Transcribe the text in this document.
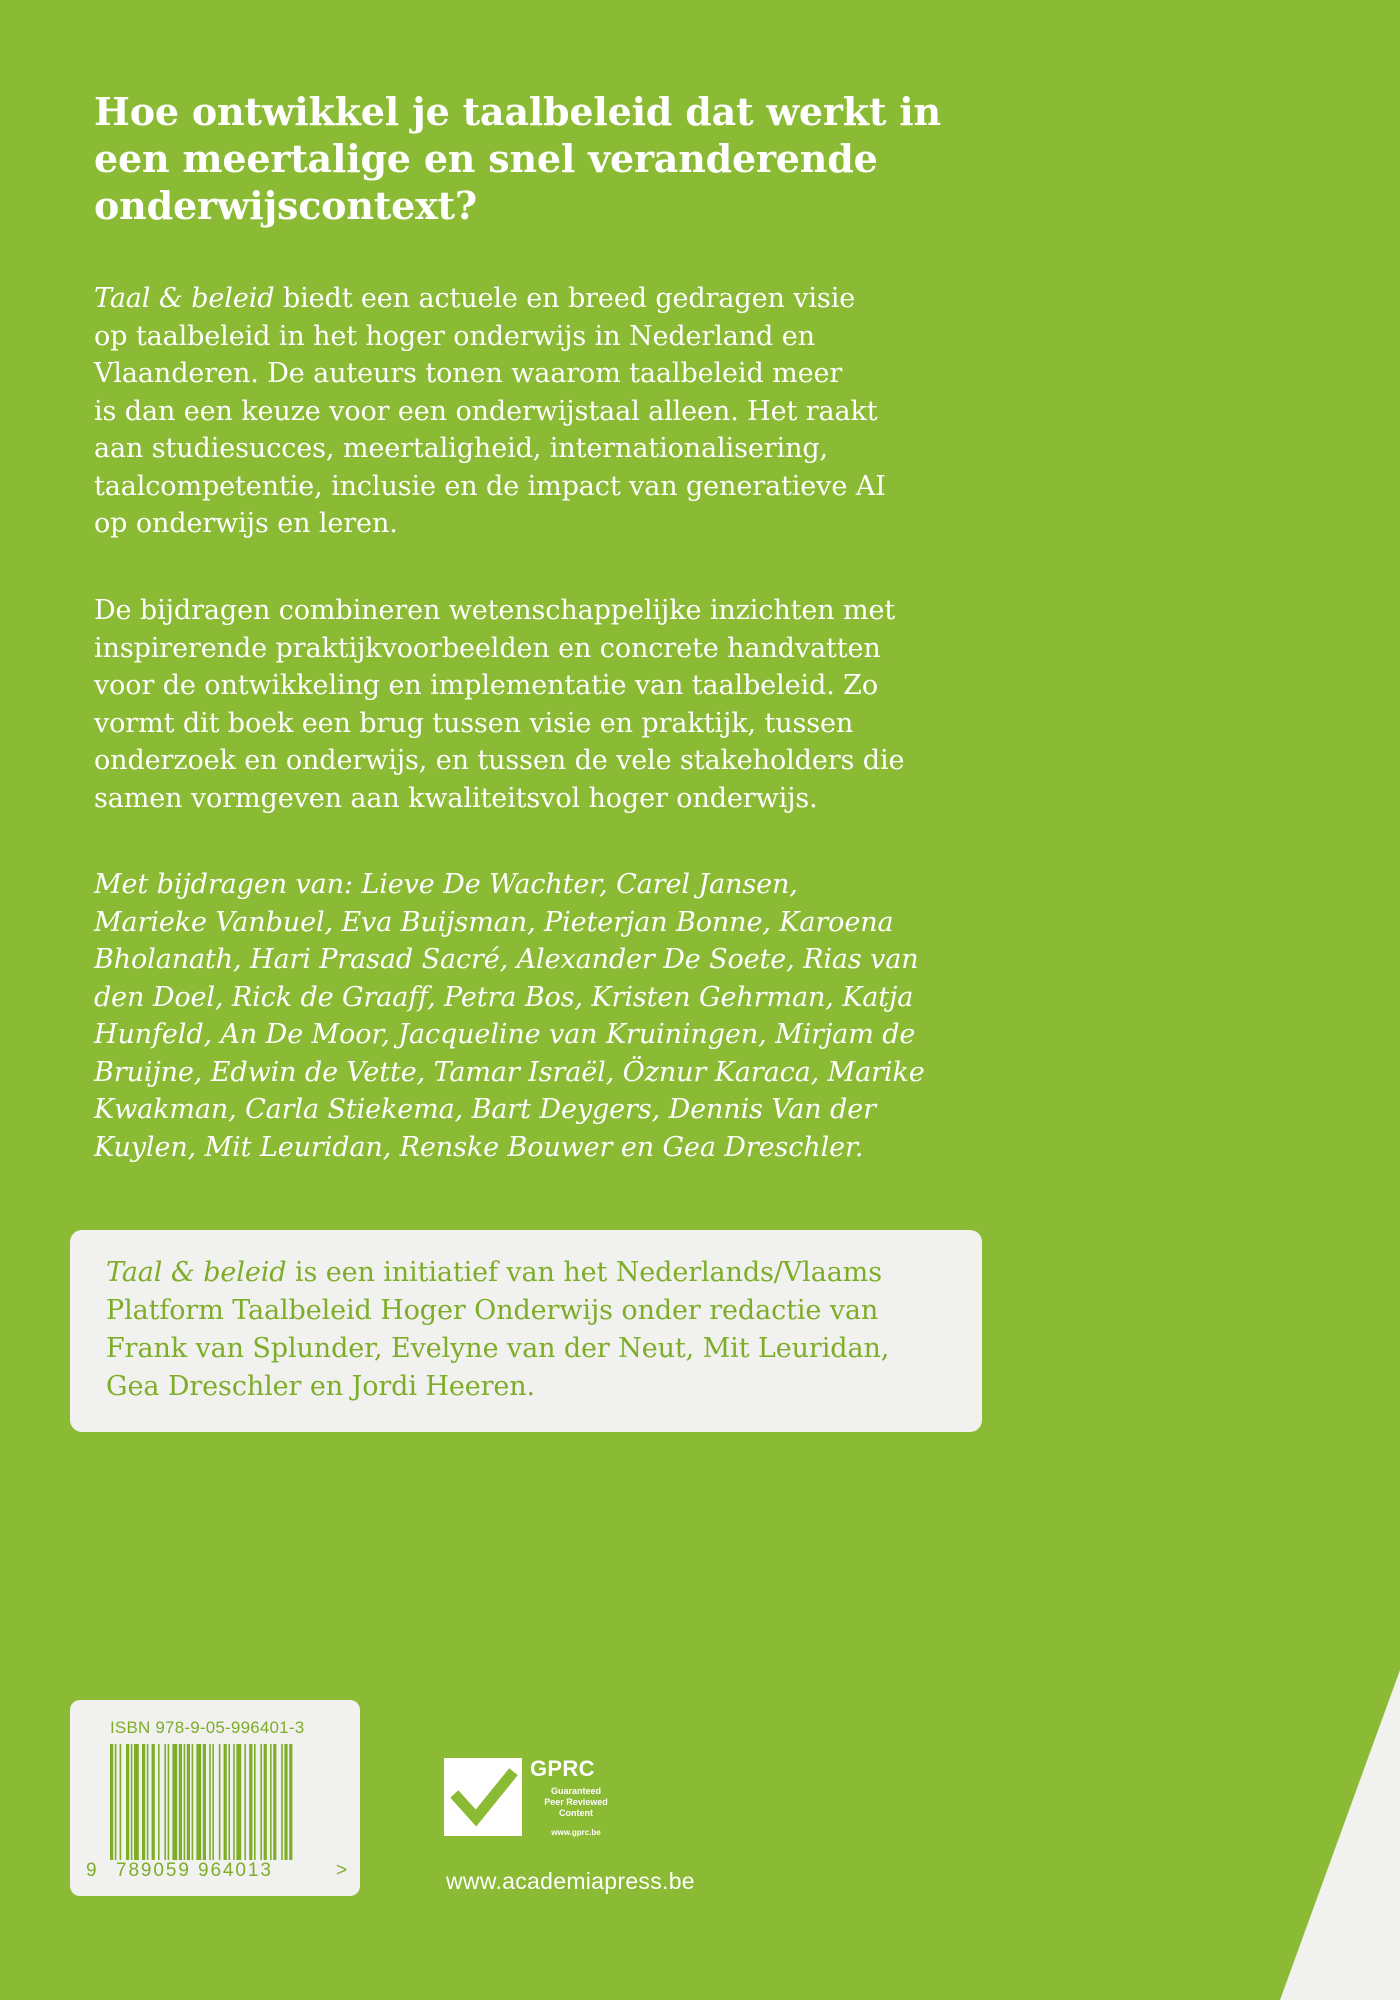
Hoe ontwikkel je taalbeleid dat werkt in
een meertalige en snel veranderende
onderwijscontext?

Taal & beleid biedt een actuele en breed gedragen visie
op taalbeleid in het hoger onderwijs in Nederland en
Vlaanderen. De auteurs tonen waarom taalbeleid meer
is dan een keuze voor een onderwijstaal alleen. Het raakt
aan studiesucces, meertaligheid, internationalisering,
taalcompetentie, inclusie en de impact van generatieve AI
op onderwijs en leren.

De bijdragen combineren wetenschappelijke inzichten met
inspirerende praktijkvoorbeelden en concrete handvatten
voor de ontwikkeling en implementatie van taalbeleid. Zo
vormt dit boek een brug tussen visie en praktijk, tussen
onderzoek en onderwijs, en tussen de vele stakeholders die
samen vormgeven aan kwaliteitsvol hoger onderwijs.

Met bijdragen van: Lieve De Wachter, Carel Jansen,
Marieke Vanbuel, Eva Buijsman, Pieterjan Bonne, Karoena
Bholanath, Hari Prasad Sacré, Alexander De Soete, Rias van
den Doel, Rick de Graaff, Petra Bos, Kristen Gehrman, Katja
Hunfeld, An De Moor, Jacqueline van Kruiningen, Mirjam de
Bruijne, Edwin de Vette, Tamar Israël, Öznur Karaca, Marike
Kwakman, Carla Stiekema, Bart Deygers, Dennis Van der
Kuylen, Mit Leuridan, Renske Bouwer en Gea Dreschler.

Taal & beleid is een initiatief van het Nederlands/Vlaams
Platform Taalbeleid Hoger Onderwijs onder redactie van
Frank van Splunder, Evelyne van der Neut, Mit Leuridan,
Gea Dreschler en Jordi Heeren.

ISBN 978-9-05-996401-3
9 789059 964013	>
GPRC
Guaranteed
Peer Reviewed
Content
www.gprc.be
www.academiapress.be
